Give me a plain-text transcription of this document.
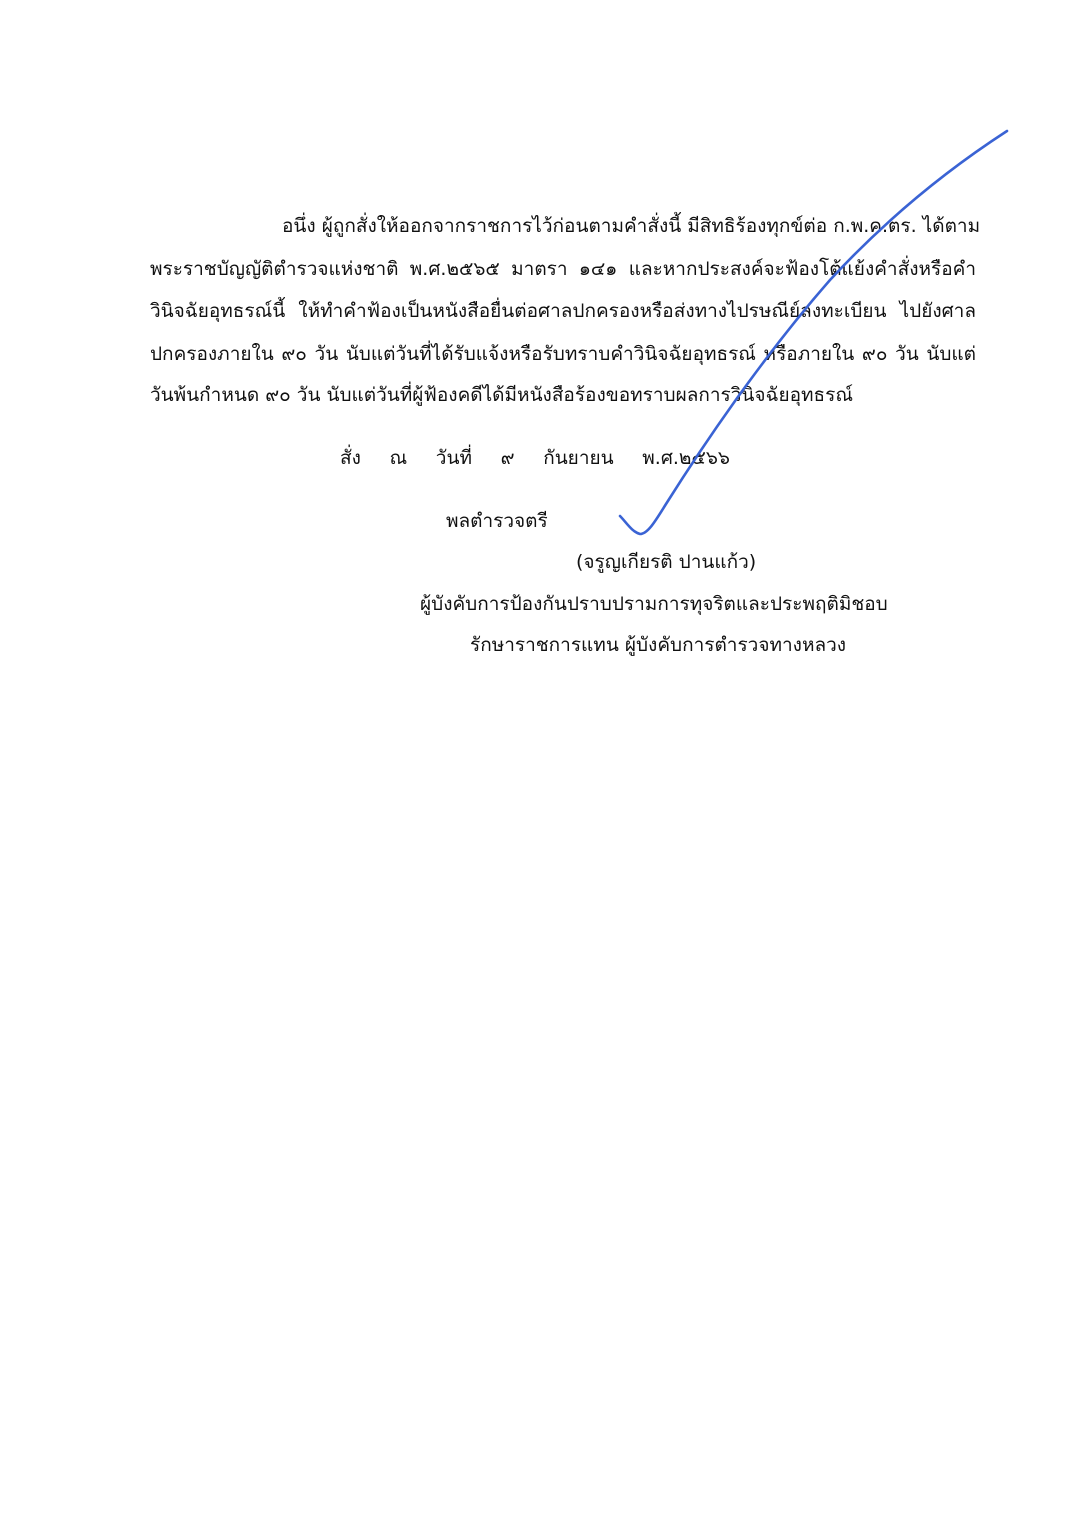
อนึ่ง ผู้ถูกสั่งให้ออกจากราชการไว้ก่อนตามคำสั่งนี้ มีสิทธิร้องทุกข์ต่อ ก.พ.ค.ตร. ได้ตาม
พระราชบัญญัติตำรวจแห่งชาติ พ.ศ.๒๕๖๕ มาตรา ๑๔๑ และหากประสงค์จะฟ้องโต้แย้งคำสั่งหรือคำ
วินิจฉัยอุทธรณ์นี้ ให้ทำคำฟ้องเป็นหนังสือยื่นต่อศาลปกครองหรือส่งทางไปรษณีย์ลงทะเบียน ไปยังศาล
ปกครองภายใน ๙๐ วัน นับแต่วันที่ได้รับแจ้งหรือรับทราบคำวินิจฉัยอุทธรณ์ หรือภายใน ๙๐ วัน นับแต่
วันพ้นกำหนด ๙๐ วัน นับแต่วันที่ผู้ฟ้องคดีได้มีหนังสือร้องขอทราบผลการวินิจฉัยอุทธรณ์
สั่ง ณ วันที่ ๙ กันยายน พ.ศ.๒๕๖๖
พลตำรวจตรี
(จรูญเกียรติ ปานแก้ว)
ผู้บังคับการป้องกันปราบปรามการทุจริตและประพฤติมิชอบ
รักษาราชการแทน ผู้บังคับการตำรวจทางหลวง
